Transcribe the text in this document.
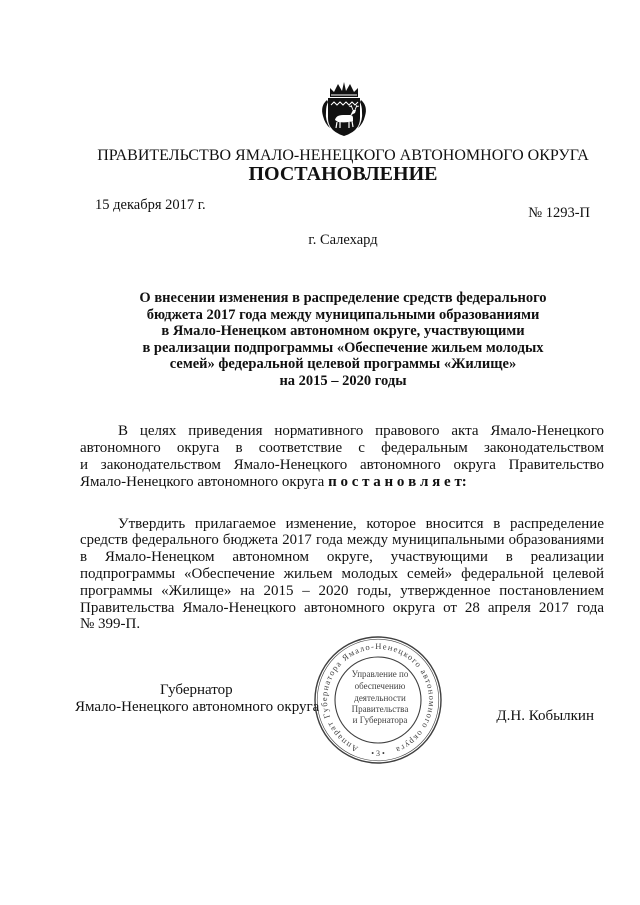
ПРАВИТЕЛЬСТВО ЯМАЛО-НЕНЕЦКОГО АВТОНОМНОГО ОКРУГА
ПОСТАНОВЛЕНИЕ
15 декабря 2017 г.	№ 1293-П
г. Салехард
О внесении изменения в распределение средств федерального
бюджета 2017 года между муниципальными образованиями
в Ямало-Ненецком автономном округе, участвующими
в реализации подпрограммы «Обеспечение жильем молодых
семей» федеральной целевой программы «Жилище»
на 2015 – 2020 годы
В целях приведения нормативного правового акта Ямало-Ненецкого
автономного округа в соответствие с федеральным законодательством
и законодательством Ямало-Ненецкого автономного округа Правительство
Ямало-Ненецкого автономного округа п о с т а н о в л я е т:
Утвердить прилагаемое изменение, которое вносится в распределение
средств федерального бюджета 2017 года между муниципальными образованиями
в Ямало-Ненецком автономном округе, участвующими в реализации
подпрограммы «Обеспечение жильем молодых семей» федеральной целевой
программы «Жилище» на 2015 – 2020 годы, утвержденное постановлением
Правительства Ямало-Ненецкого автономного округа от 28 апреля 2017 года
№ 399-П.
Губернатор
Ямало-Ненецкого автономного округа
Д.Н. Кобылкин
Аппарат Губернатора Ямало-Ненецкого автономного округа
• 3 •
Управление по
обеспечению
деятельности
Правительства
и Губернатора
